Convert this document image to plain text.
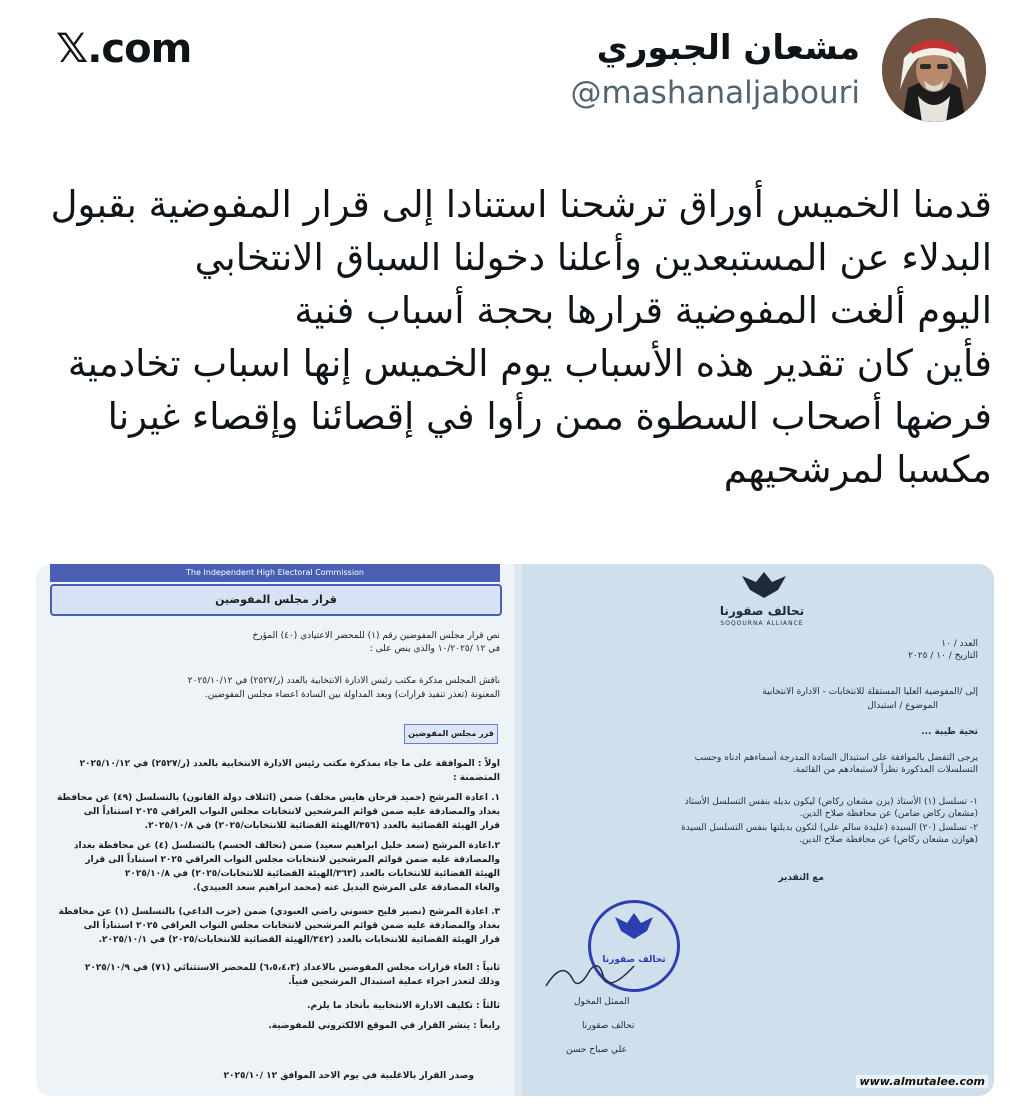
𝕏.com	مشعان الجبوري
@mashanaljabouri
قدمنا الخميس أوراق ترشحنا استنادا إلى قرار المفوضية بقبول
البدلاء عن المستبعدين وأعلنا دخولنا السباق الانتخابي
اليوم ألغت المفوضية قرارها بحجة أسباب فنية
فأين كان تقدير هذه الأسباب يوم الخميس إنها اسباب تخادمية
فرضها أصحاب السطوة ممن رأوا في إقصائنا وإقصاء غيرنا
مكسبا لمرشحيهم
The Independent High Electoral Commission
قرار مجلس المفوضين
نص قرار مجلس المفوضين رقم (١) للمحضر الاعتيادي (٤٠) المؤرخ
في ١٢ /١٠/٢٠٢٥ والذي ينص على :
ناقش المجلس مذكرة مكتب رئيس الادارة الانتخابية بالعدد (ر/٢٥٢٧) في ٢٠٢٥/١٠/١٢
المعنونة (تعذر تنفيذ قرارات) وبعد المداولة بين السادة اعضاء مجلس المفوضين.
قرر مجلس المفوضين
اولاً : الموافقة على ما جاء بمذكرة مكتب رئيس الادارة الانتخابية بالعدد (ر/٢٥٢٧) في ٢٠٢٥/١٠/١٢
المتضمنة :
١. اعادة المرشح (حميد فرحان هايس مخلف) ضمن (ائتلاف دولة القانون) بالتسلسل (٤٩) عن محافظة
بغداد والمصادقة عليه ضمن قوائم المرشحين لانتخابات مجلس النواب العراقي ٢٠٢٥ استناداً الى
قرار الهيئة القضائية بالعدد (٣٥٦/الهيئة القضائية للانتخابات/٢٠٢٥) في ٢٠٢٥/١٠/٨.
٢.اعادة المرشح (سعد خليل ابراهيم سعيد) ضمن (تحالف الحسم) بالتسلسل (٤) عن محافظة بغداد
والمصادقة عليه ضمن قوائم المرشحين لانتخابات مجلس النواب العراقي ٢٠٢٥ استناداً الى قرار
الهيئة القضائية للانتخابات بالعدد (٣٦٣/الهيئة القضائية للانتخابات/٢٠٢٥) في ٢٠٢٥/١٠/٨
والغاء المصادقة على المرشح البديل عنه (محمد ابراهيم سعد العبيدي).
٣. اعادة المرشح (نصير فليح حسوني راضي العبودي) ضمن (حزب الداعي) بالتسلسل (١) عن محافظة
بغداد والمصادقة عليه ضمن قوائم المرشحين لانتخابات مجلس النواب العراقي ٢٠٢٥ استناداً الى
قرار الهيئة القضائية للانتخابات بالعدد (٣٤٢/الهيئة القضائية للانتخابات/٢٠٢٥) في ٢٠٢٥/١٠/١.
ثانياً : الغاء قرارات مجلس المفوضين بالاعداد (٦،٥،٤،٣) للمحضر الاستثنائي (٧١) في ٢٠٢٥/١٠/٩
وذلك لتعذر اجراء عملية استبدال المرشحين فنياً.
ثالثاً : تكليف الادارة الانتخابية بأتخاذ ما يلزم.
رابعاً : ينشر القرار في الموقع الالكتروني للمفوضية.
وصدر القرار بالاغلبية في يوم الاحد الموافق ١٢ /٢٠٢٥/١٠
تحالف صقورنا
SOQOURNA ALLIANCE
العدد / ١٠
التاريخ / ١٠ / ٢٠٢٥
إلى /المفوضية العليا المستقلة للانتخابات - الادارة الانتخابية
الموضوع / استبدال
تحية طيبة ...
يرجى التفضل بالموافقة على استبدال السادة المدرجة أسماءهم ادناه وحسب
التسلسلات المذكورة نظراً لاستبعادهم من القائمة.
١- تسلسل (١) الأستاذ (يزن مشعان ركاض) ليكون بديله بنفس التسلسل الأستاذ
(مشعان ركاض ضامن) عن محافظة صلاح الدين.
٢- تسلسل (٢٠) السيدة (عليدة سالم علي) لتكون بديلتها بنفس التسلسل السيدة
(هوازن مشعان ركاض) عن محافظة صلاح الدين.
مع التقدير
تحالف صقورنا
الممثل المخول
تحالف صقورنا
علي صباح حسن
www.almutalee.com
